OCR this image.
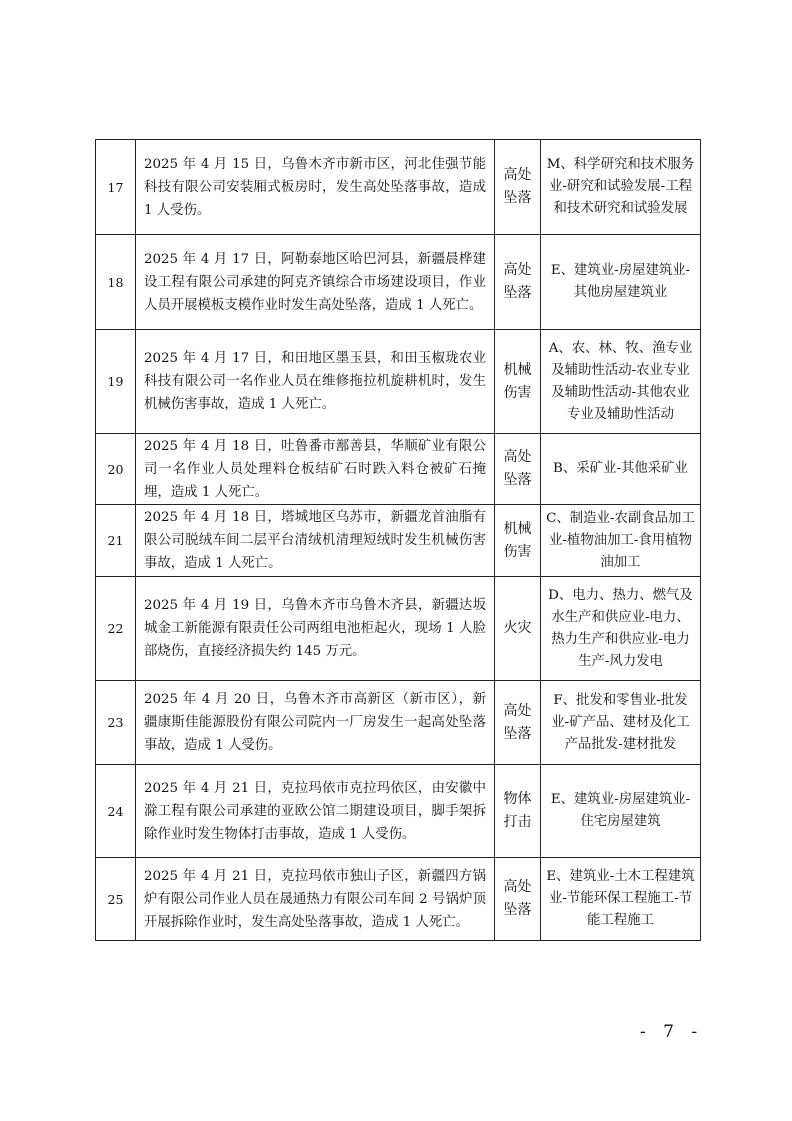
17	2025 年 4 月 15 日，乌鲁木齐市新市区，河北佳强节能科技有限公司安装厢式板房时，发生高处坠落事故，造成 1 人受伤。	高处坠落	M、科学研究和技术服务业-研究和试验发展-工程和技术研究和试验发展
18	2025 年 4 月 17 日，阿勒泰地区哈巴河县，新疆晨桦建设工程有限公司承建的阿克齐镇综合市场建设项目，作业人员开展模板支模作业时发生高处坠落，造成 1 人死亡。	高处坠落	E、建筑业-房屋建筑业-其他房屋建筑业
19	2025 年 4 月 17 日，和田地区墨玉县，和田玉椒珑农业科技有限公司一名作业人员在维修拖拉机旋耕机时，发生机械伤害事故，造成 1 人死亡。	机械伤害	A、农、林、牧、渔专业及辅助性活动-农业专业及辅助性活动-其他农业专业及辅助性活动
20	2025 年 4 月 18 日，吐鲁番市鄯善县，华顺矿业有限公司一名作业人员处理料仓板结矿石时跌入料仓被矿石掩埋，造成 1 人死亡。	高处坠落	B、采矿业-其他采矿业
21	2025 年 4 月 18 日，塔城地区乌苏市，新疆龙首油脂有限公司脱绒车间二层平台清绒机清理短绒时发生机械伤害事故，造成 1 人死亡。	机械伤害	C、制造业-农副食品加工业-植物油加工-食用植物油加工
22	2025 年 4 月 19 日，乌鲁木齐市乌鲁木齐县，新疆达坂城金工新能源有限责任公司两组电池柜起火，现场 1 人脸部烧伤，直接经济损失约 145 万元。	火灾	D、电力、热力、燃气及水生产和供应业-电力、热力生产和供应业-电力生产-风力发电
23	2025 年 4 月 20 日，乌鲁木齐市高新区（新市区），新疆康斯佳能源股份有限公司院内一厂房发生一起高处坠落事故，造成 1 人受伤。	高处坠落	F、批发和零售业-批发业-矿产品、建材及化工产品批发-建材批发
24	2025 年 4 月 21 日，克拉玛依市克拉玛依区，由安徽中滁工程有限公司承建的亚欧公馆二期建设项目，脚手架拆除作业时发生物体打击事故，造成 1 人受伤。	物体打击	E、建筑业-房屋建筑业-住宅房屋建筑
25	2025 年 4 月 21 日，克拉玛依市独山子区，新疆四方锅炉有限公司作业人员在晟通热力有限公司车间 2 号锅炉顶开展拆除作业时，发生高处坠落事故，造成 1 人死亡。	高处坠落	E、建筑业-土木工程建筑业-节能环保工程施工-节能工程施工
- 7 -
